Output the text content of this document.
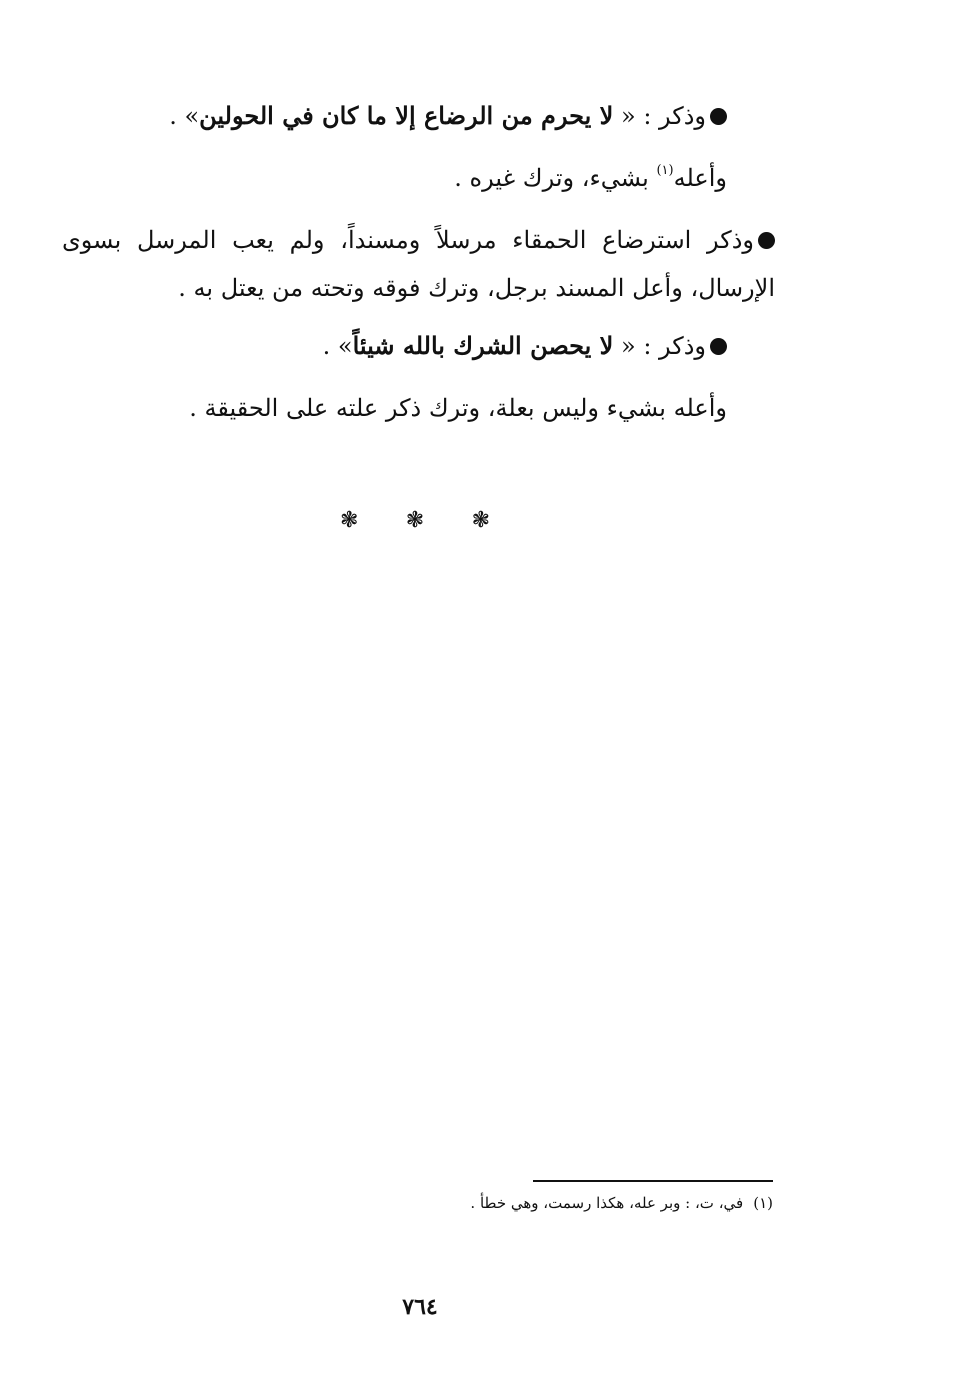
وذكر : « لا يحرم من الرضاع إلا ما كان في الحولين» .
وأعله$^{(١)}$ بشيء، وترك غيره .
وذكر استرضاع الحمقاء مرسلاً ومسنداً، ولم يعب المرسل بسوى
الإرسال، وأعل المسند برجل، وترك فوقه وتحته من يعتل به .
وذكر : « لا يحصن الشرك بالله شيئاً» .
وأعله بشيء وليس بعلة، وترك ذكر علته على الحقيقة .
❃ ❃ ❃
(١)في، ت، : وبر عله، هكذا رسمت، وهي خطأ .
٧٦٤
